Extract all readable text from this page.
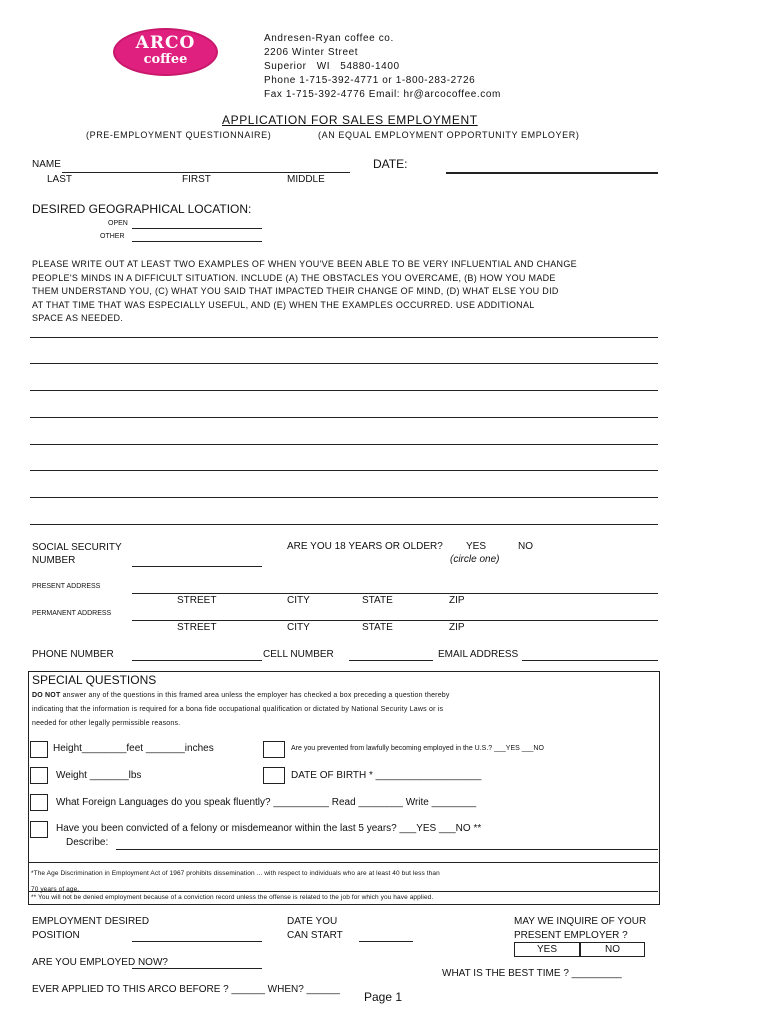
ARCO
coffee
Andresen-Ryan coffee co.
2206 Winter Street
Superior   WI   54880-1400
Phone 1-715-392-4771 or 1-800-283-2726
Fax 1-715-392-4776 Email: hr@arcocoffee.com
APPLICATION FOR SALES EMPLOYMENT
(PRE-EMPLOYMENT QUESTIONNAIRE)	(AN EQUAL EMPLOYMENT OPPORTUNITY EMPLOYER)
NAME
LAST	FIRST	MIDDLE
DATE:
DESIRED GEOGRAPHICAL LOCATION:
OPEN
OTHER
PLEASE WRITE OUT AT LEAST TWO EXAMPLES OF WHEN YOU'VE BEEN ABLE TO BE VERY INFLUENTIAL AND CHANGE
PEOPLE'S MINDS IN A DIFFICULT SITUATION. INCLUDE (A) THE OBSTACLES YOU OVERCAME, (B) HOW YOU MADE
THEM UNDERSTAND YOU, (C) WHAT YOU SAID THAT IMPACTED THEIR CHANGE OF MIND, (D) WHAT ELSE YOU DID
AT THAT TIME THAT WAS ESPECIALLY USEFUL, AND (E) WHEN THE EXAMPLES OCCURRED. USE ADDITIONAL
SPACE AS NEEDED.
SOCIAL SECURITY
NUMBER
ARE YOU 18 YEARS OR OLDER? YES	NO
(circle one)
PRESENT ADDRESS
STREET	CITY	STATE	ZIP
PERMANENT ADDRESS
STREET	CITY	STATE	ZIP
PHONE NUMBER	CELL NUMBER	EMAIL ADDRESS
SPECIAL QUESTIONS
DO NOT answer any of the questions in this framed area unless the employer has checked a box preceding a question thereby
indicating that the information is required for a bona fide occupational qualification or dictated by National Security Laws or is
needed for other legally permissible reasons.
Height________feet _______inches	Are you prevented from lawfully becoming employed in the U.S.? ___YES ___NO
Weight _______lbs	DATE OF BIRTH * ___________________
What Foreign Languages do you speak fluently? __________ Read ________ Write ________
Have you been convicted of a felony or misdemeanor within the last 5 years? ___YES ___NO **
Describe:
*The Age Discrimination in Employment Act of 1967 prohibits dissemination ... with respect to individuals who are at least 40 but less than
70 years of age.
** You will not be denied employment because of a conviction record unless the offense is related to the job for which you have applied.
EMPLOYMENT DESIRED
POSITION
DATE YOU
CAN START
MAY WE INQUIRE OF YOUR
PRESENT EMPLOYER ?
YES	NO
ARE YOU EMPLOYED NOW?
WHAT IS THE BEST TIME ? _________
EVER APPLIED TO THIS ARCO BEFORE ? ______ WHEN? ______
Page 1
